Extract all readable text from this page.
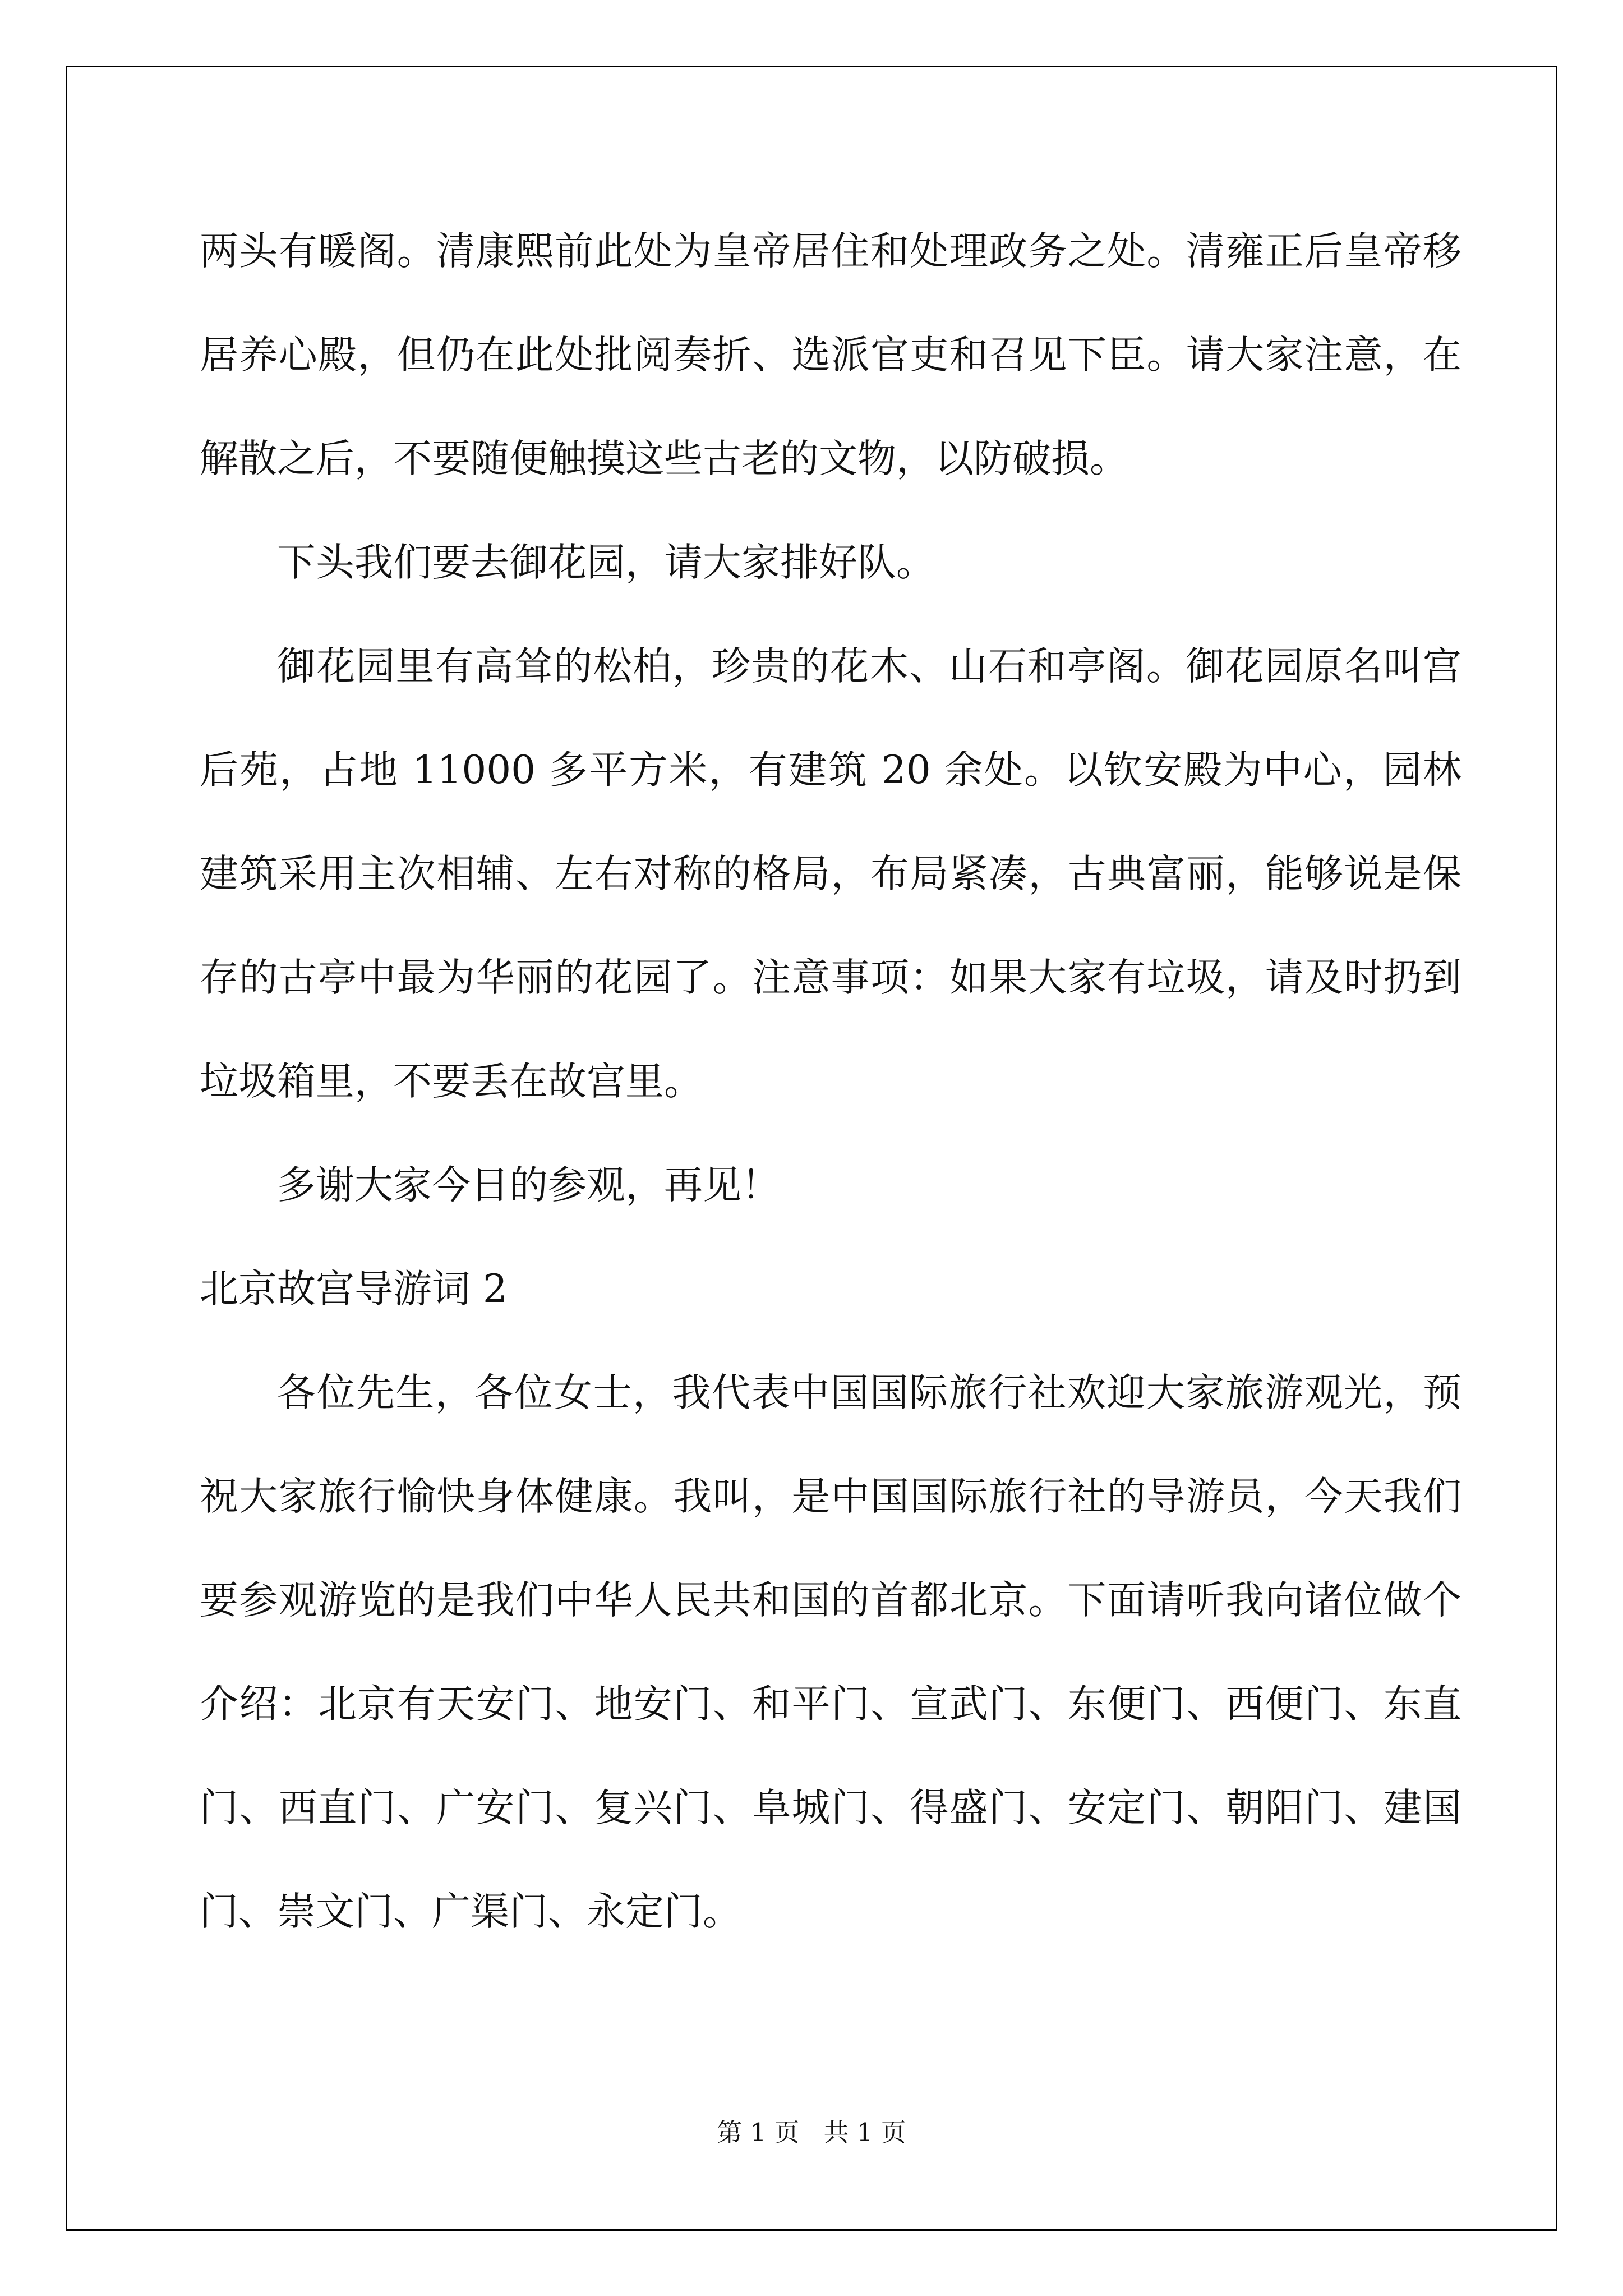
两头有暖阁。清康熙前此处为皇帝居住和处理政务之处。清雍正后皇帝移居养心殿，但仍在此处批阅奏折、选派官吏和召见下臣。请大家注意，在解散之后，不要随便触摸这些古老的文物，以防破损。

下头我们要去御花园，请大家排好队。

御花园里有高耸的松柏，珍贵的花木、山石和亭阁。御花园原名叫宫后苑，占地 11000 多平方米，有建筑 20 余处。以钦安殿为中心，园林建筑采用主次相辅、左右对称的格局，布局紧凑，古典富丽，能够说是保存的古亭中最为华丽的花园了。注意事项：如果大家有垃圾，请及时扔到垃圾箱里，不要丢在故宫里。

多谢大家今日的参观，再见！

北京故宫导游词 2

各位先生，各位女士，我代表中国国际旅行社欢迎大家旅游观光，预祝大家旅行愉快身体健康。我叫，是中国国际旅行社的导游员，今天我们要参观游览的是我们中华人民共和国的首都北京。下面请听我向诸位做个介绍：北京有天安门、地安门、和平门、宣武门、东便门、西便门、东直门、西直门、广安门、复兴门、阜城门、得盛门、安定门、朝阳门、建国门、崇文门、广渠门、永定门。

第 1 页   共 1 页
